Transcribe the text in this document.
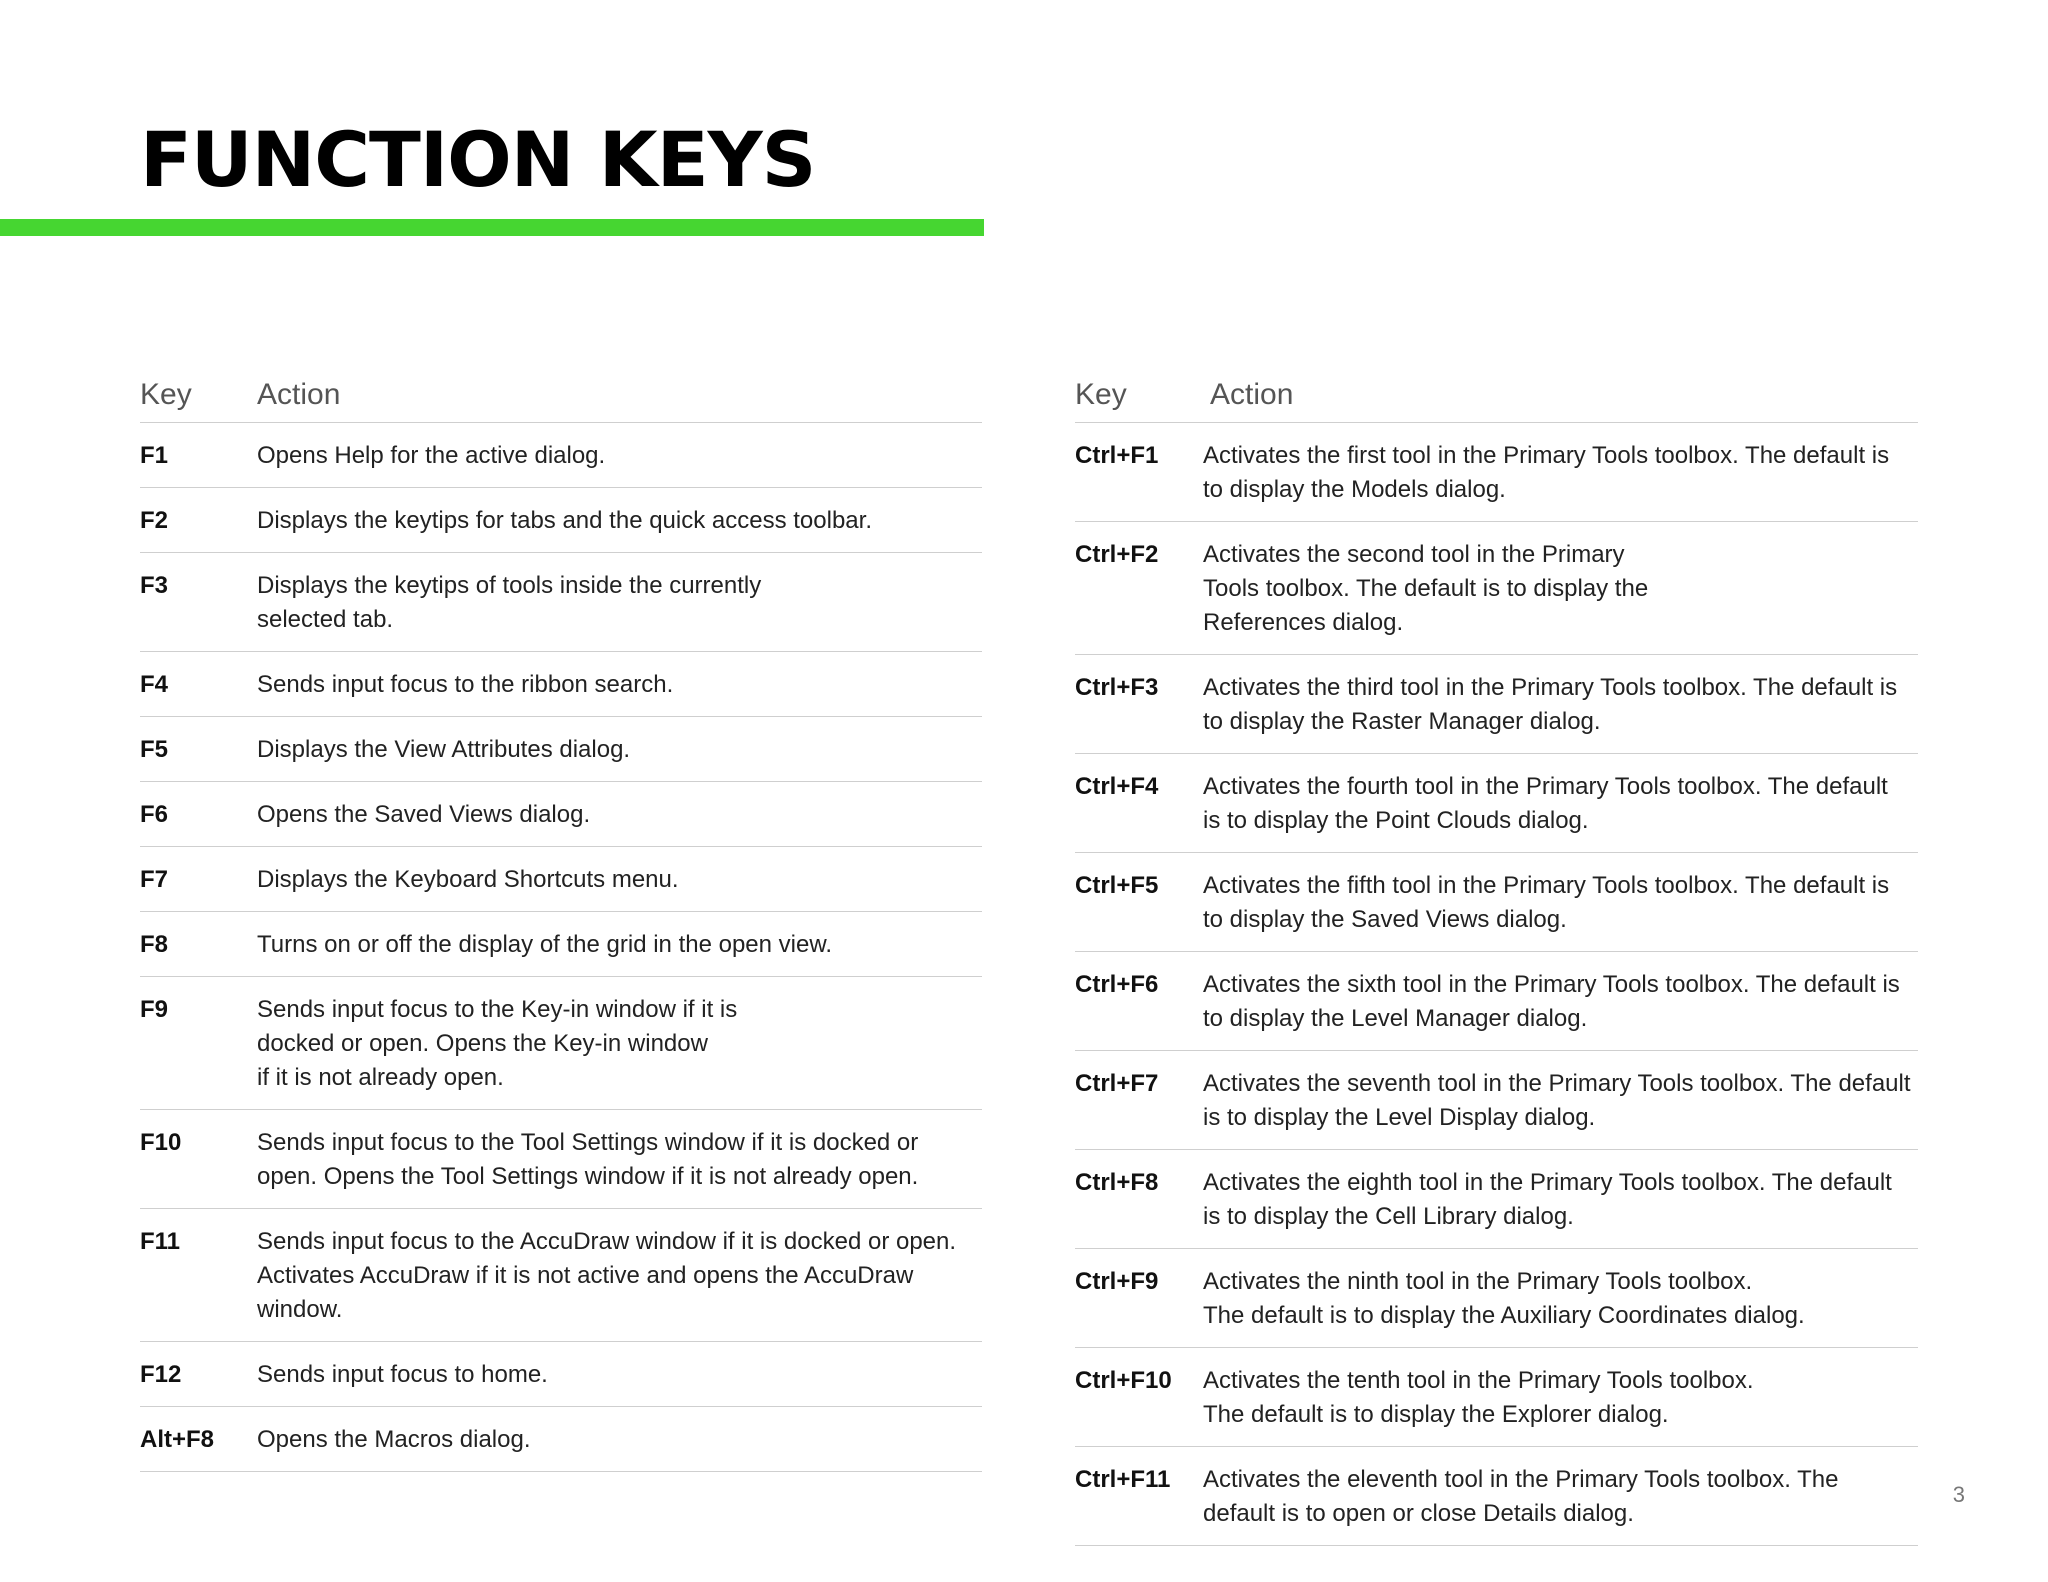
FUNCTION KEYS
Key	Action
F1	Opens Help for the active dialog.
F2	Displays the keytips for tabs and the quick access toolbar.
F3	Displays the keytips of tools inside the currently
selected tab.
F4	Sends input focus to the ribbon search.
F5	Displays the View Attributes dialog.
F6	Opens the Saved Views dialog.
F7	Displays the Keyboard Shortcuts menu.
F8	Turns on or off the display of the grid in the open view.
F9	Sends input focus to the Key-in window if it is
docked or open. Opens the Key-in window
if it is not already open.
F10	Sends input focus to the Tool Settings window if it is docked or
open. Opens the Tool Settings window if it is not already open.
F11	Sends input focus to the AccuDraw window if it is docked or open.
Activates AccuDraw if it is not active and opens the AccuDraw
window.
F12	Sends input focus to home.
Alt+F8	Opens the Macros dialog.
Key	Action
Ctrl+F1	Activates the first tool in the Primary Tools toolbox. The default is
to display the Models dialog.
Ctrl+F2	Activates the second tool in the Primary
Tools toolbox. The default is to display the
References dialog.
Ctrl+F3	Activates the third tool in the Primary Tools toolbox. The default is
to display the Raster Manager dialog.
Ctrl+F4	Activates the fourth tool in the Primary Tools toolbox. The default
is to display the Point Clouds dialog.
Ctrl+F5	Activates the fifth tool in the Primary Tools toolbox. The default is
to display the Saved Views dialog.
Ctrl+F6	Activates the sixth tool in the Primary Tools toolbox. The default is
to display the Level Manager dialog.
Ctrl+F7	Activates the seventh tool in the Primary Tools toolbox. The default
is to display the Level Display dialog.
Ctrl+F8	Activates the eighth tool in the Primary Tools toolbox. The default
is to display the Cell Library dialog.
Ctrl+F9	Activates the ninth tool in the Primary Tools toolbox.
The default is to display the Auxiliary Coordinates dialog.
Ctrl+F10	Activates the tenth tool in the Primary Tools toolbox.
The default is to display the Explorer dialog.
Ctrl+F11	Activates the eleventh tool in the Primary Tools toolbox. The
default is to open or close Details dialog.
3
